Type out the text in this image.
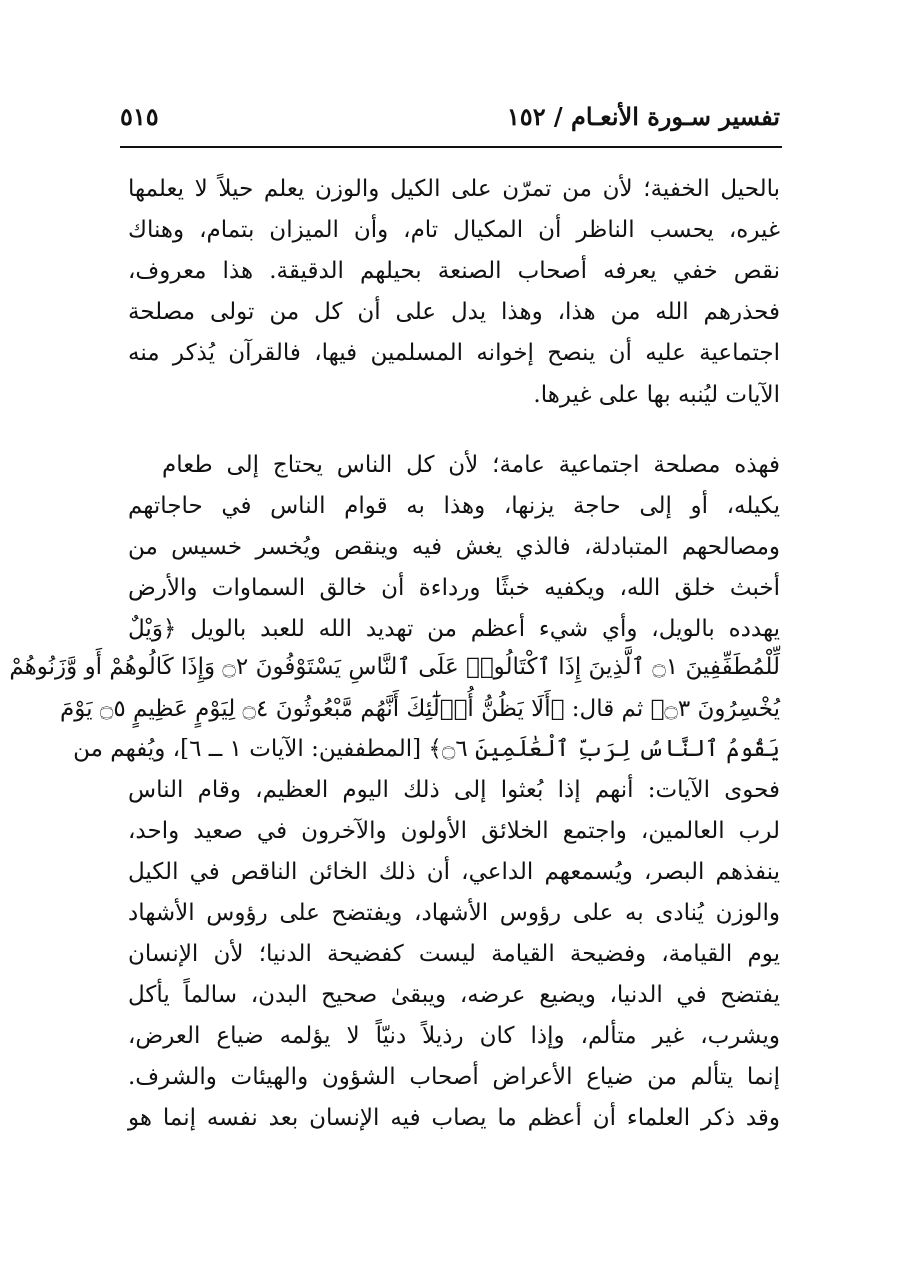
تفسير سـورة الأنعـام / ١٥٢
٥١٥
بالحيل الخفية؛ لأن من تمرّن على الكيل والوزن يعلم حيلاً لا يعلمها
غيره، يحسب الناظر أن المكيال تام، وأن الميزان بتمام، وهناك
نقص خفي يعرفه أصحاب الصنعة بحيلهم الدقيقة. هذا معروف،
فحذرهم الله من هذا، وهذا يدل على أن كل من تولى مصلحة
اجتماعية عليه أن ينصح إخوانه المسلمين فيها، فالقرآن يُذكر منه
الآيات ليُنبه بها على غيرها.
فهذه مصلحة اجتماعية عامة؛ لأن كل الناس يحتاج إلى طعام
يكيله، أو إلى حاجة يزنها، وهذا به قوام الناس في حاجاتهم
ومصالحهم المتبادلة، فالذي يغش فيه وينقص ويُخسر خسيس من
أخبث خلق الله، ويكفيه خبثًا ورداءة أن خالق السماوات والأرض
يهدده بالويل، وأي شيء أعظم من تهديد الله للعبد بالويل ﴿وَيْلٌ
لِّلْمُطَفِّفِينَ ۝١ ٱلَّذِينَ إِذَا ٱكْتَالُوا۟ عَلَى ٱلنَّاسِ يَسْتَوْفُونَ ۝٢ وَإِذَا كَالُوهُمْ أَو وَّزَنُوهُمْ
يُخْسِرُونَ ۝٣﴾ ثم قال: ﴿أَلَا يَظُنُّ أُو۟لَٰٓئِكَ أَنَّهُم مَّبْعُوثُونَ ۝٤ لِيَوْمٍ عَظِيمٍ ۝٥ يَوْمَ
يَقُومُ ٱلنَّاسُ لِرَبِّ ٱلْعَٰلَمِينَ ۝٦﴾ [المطففين: الآيات ١ ــ ٦]، ويُفهم من
فحوى الآيات: أنهم إذا بُعثوا إلى ذلك اليوم العظيم، وقام الناس
لرب العالمين، واجتمع الخلائق الأولون والآخرون في صعيد واحد،
ينفذهم البصر، ويُسمعهم الداعي، أن ذلك الخائن الناقص في الكيل
والوزن يُنادى به على رؤوس الأشهاد، ويفتضح على رؤوس الأشهاد
يوم القيامة، وفضيحة القيامة ليست كفضيحة الدنيا؛ لأن الإنسان
يفتضح في الدنيا، ويضيع عرضه، ويبقىٰ صحيح البدن، سالماً يأكل
ويشرب، غير متألم، وإذا كان رذيلاً دنيّاً لا يؤلمه ضياع العرض،
إنما يتألم من ضياع الأعراض أصحاب الشؤون والهيئات والشرف.
وقد ذكر العلماء أن أعظم ما يصاب فيه الإنسان بعد نفسه إنما هو
